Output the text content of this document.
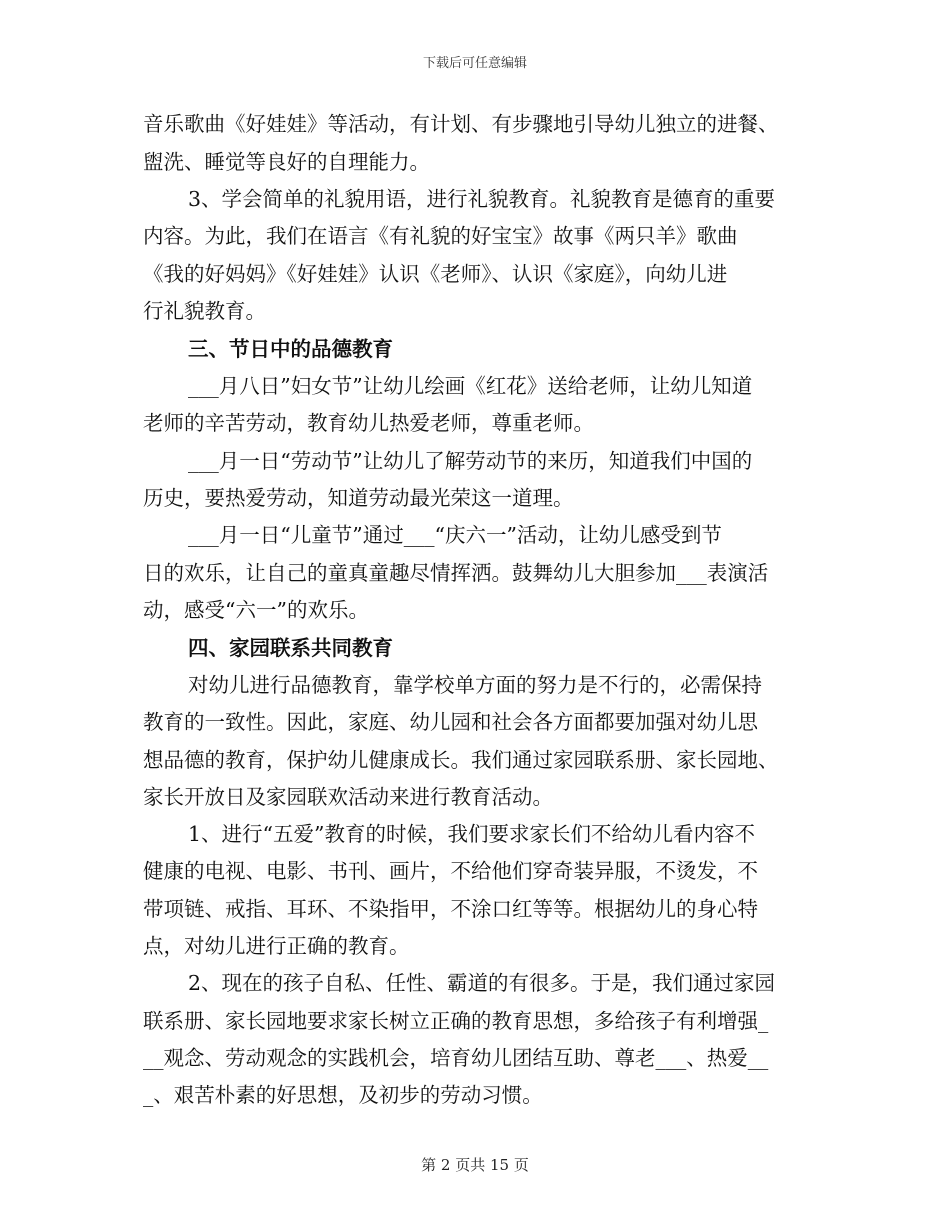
下载后可任意编辑
音乐歌曲《好娃娃》等活动，有计划、有步骤地引导幼儿独立的进餐、
盥洗、睡觉等良好的自理能力。
3、学会简单的礼貌用语，进行礼貌教育。礼貌教育是德育的重要
内容。为此，我们在语言《有礼貌的好宝宝》故事《两只羊》歌曲
《我的好妈妈》《好娃娃》认识《老师》、认识《家庭》，向幼儿进
行礼貌教育。
三、节日中的品德教育
___月八日”妇女节”让幼儿绘画《红花》送给老师，让幼儿知道
老师的辛苦劳动，教育幼儿热爱老师，尊重老师。
___月一日“劳动节”让幼儿了解劳动节的来历，知道我们中国的
历史，要热爱劳动，知道劳动最光荣这一道理。
___月一日“儿童节”通过___“庆六一”活动，让幼儿感受到节
日的欢乐，让自己的童真童趣尽情挥洒。鼓舞幼儿大胆参加___表演活
动，感受“六一”的欢乐。
四、家园联系共同教育
对幼儿进行品德教育，靠学校单方面的努力是不行的，必需保持
教育的一致性。因此，家庭、幼儿园和社会各方面都要加强对幼儿思
想品德的教育，保护幼儿健康成长。我们通过家园联系册、家长园地、
家长开放日及家园联欢活动来进行教育活动。
1、进行“五爱”教育的时候，我们要求家长们不给幼儿看内容不
健康的电视、电影、书刊、画片，不给他们穿奇装异服，不烫发，不
带项链、戒指、耳环、不染指甲，不涂口红等等。根据幼儿的身心特
点，对幼儿进行正确的教育。
2、现在的孩子自私、任性、霸道的有很多。于是，我们通过家园
联系册、家长园地要求家长树立正确的教育思想，多给孩子有利增强_
__观念、劳动观念的实践机会，培育幼儿团结互助、尊老___、热爱__
_、艰苦朴素的好思想，及初步的劳动习惯。
第 2 页共 15 页
